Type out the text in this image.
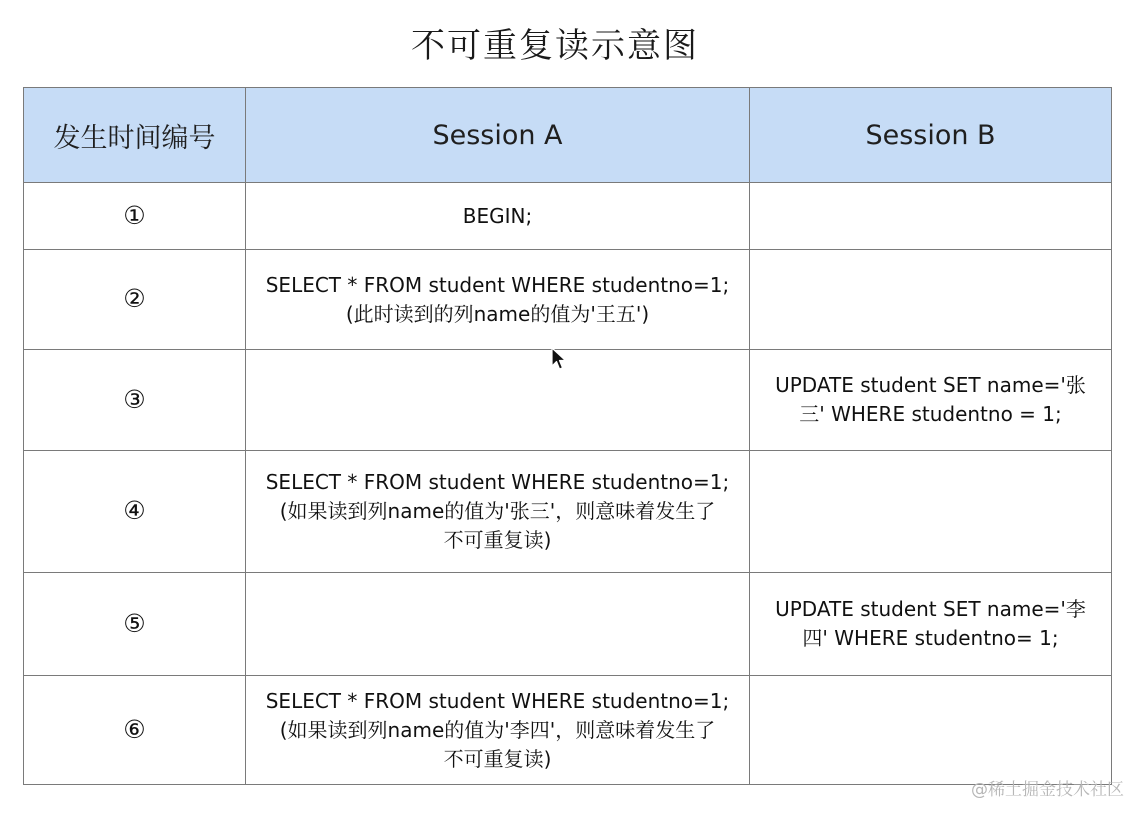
不可重复读示意图
发生时间编号	Session A	Session B
①	BEGIN;	

②	SELECT * FROM student WHERE studentno=1;
(此时读到的列name的值为'王五')	

③		UPDATE student SET name='张
三' WHERE studentno = 1;

④	SELECT * FROM student WHERE studentno=1;
(如果读到列name的值为'张三'，则意味着发生了
不可重复读)	

⑤		UPDATE student SET name='李
四' WHERE studentno= 1;

⑥	SELECT * FROM student WHERE studentno=1;
(如果读到列name的值为'李四'，则意味着发生了
不可重复读)	

@稀土掘金技术社区
